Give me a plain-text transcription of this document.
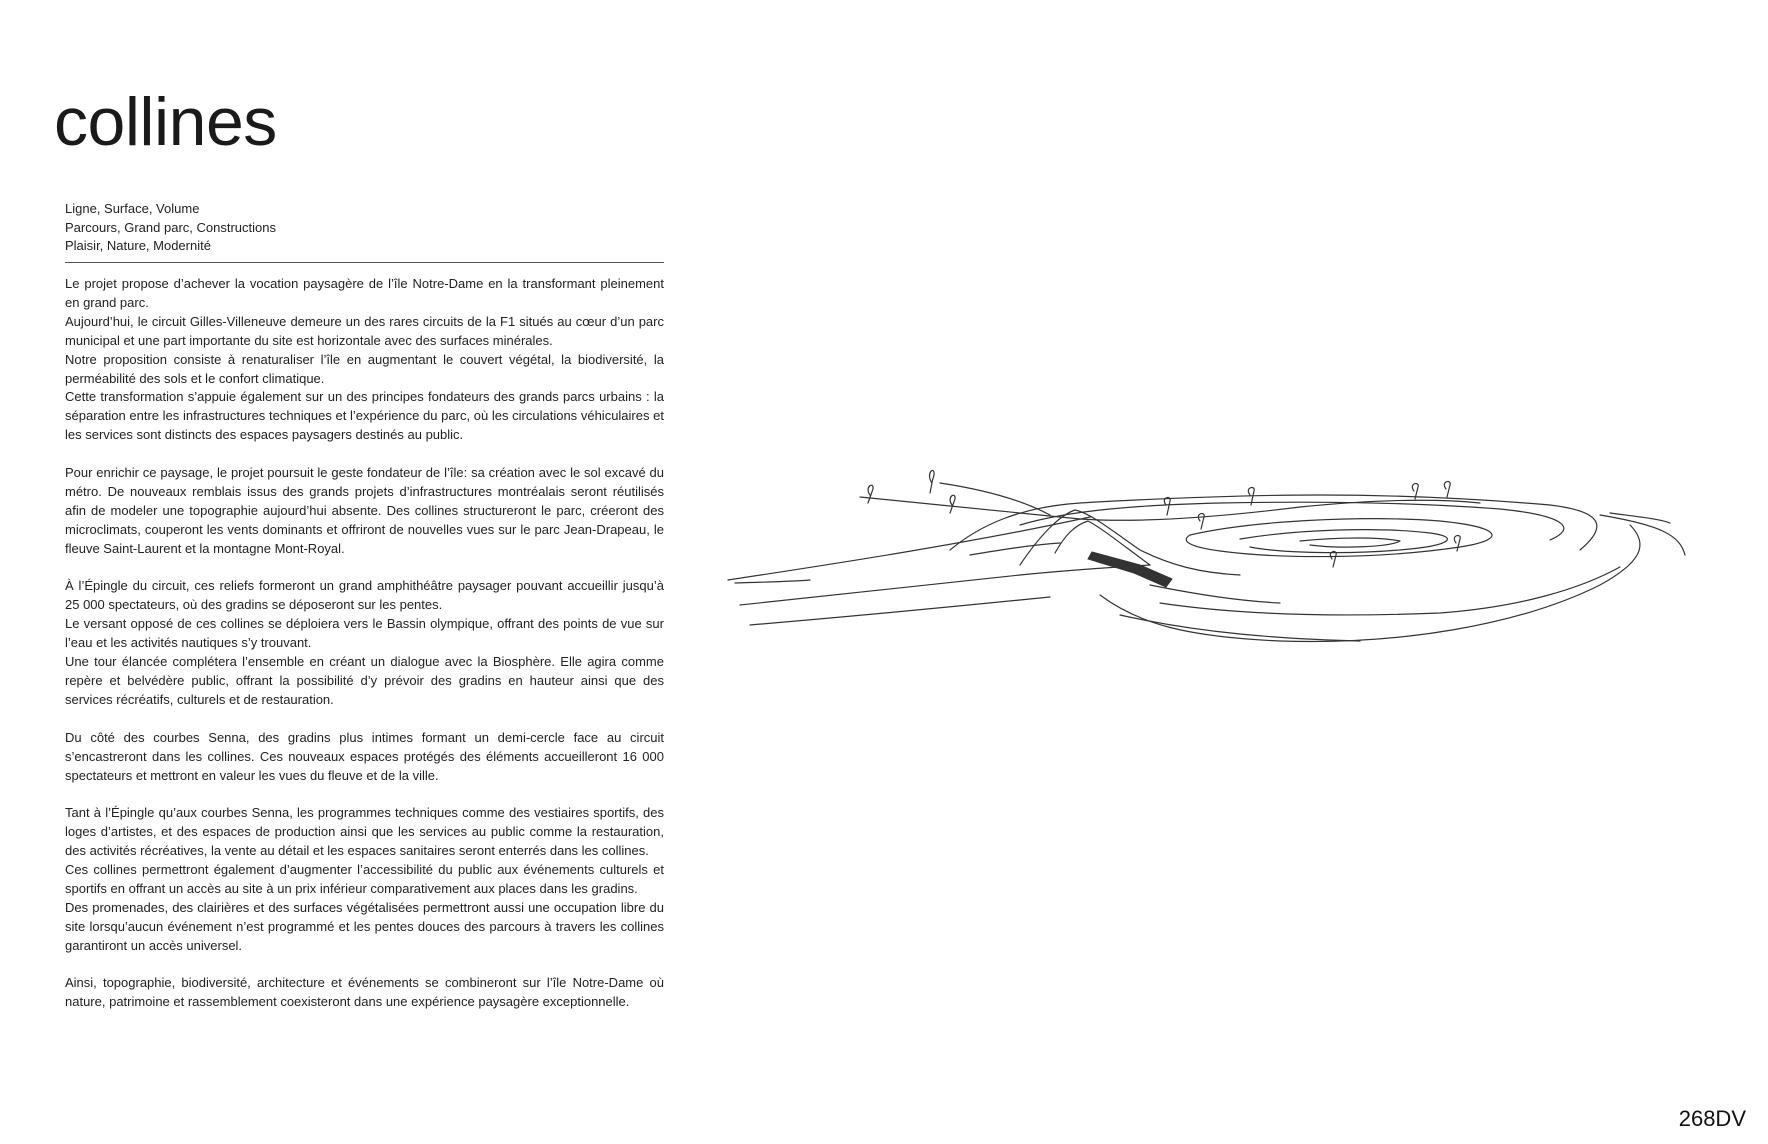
collines
Ligne, Surface, Volume
Parcours, Grand parc, Constructions
Plaisir, Nature, Modernité

Le projet propose d’achever la vocation paysagère de l’île Notre-Dame en la transformant pleinement en grand parc.
Aujourd’hui, le circuit Gilles-Villeneuve demeure un des rares circuits de la F1 situés au cœur d’un parc municipal et une part importante du site est horizontale avec des surfaces minérales.
Notre proposition consiste à renaturaliser l’île en augmentant le couvert végétal, la biodiversité, la perméabilité des sols et le confort climatique.
Cette transformation s’appuie également sur un des principes fondateurs des grands parcs urbains : la séparation entre les infrastructures techniques et l’expérience du parc, où les circulations véhiculaires et les services sont distincts des espaces paysagers destinés au public.

Pour enrichir ce paysage, le projet poursuit le geste fondateur de l’île: sa création avec le sol excavé du métro. De nouveaux remblais issus des grands projets d’infrastructures montréalais seront réutilisés afin de modeler une topographie aujourd’hui absente. Des collines structureront le parc, créeront des microclimats, couperont les vents dominants et offriront de nouvelles vues sur le parc Jean-Drapeau, le fleuve Saint-Laurent et la montagne Mont-Royal.

À l’Épingle du circuit, ces reliefs formeront un grand amphithéâtre paysager pouvant accueillir jusqu’à 25 000 spectateurs, où des gradins se déposeront sur les pentes.
Le versant opposé de ces collines se déploiera vers le Bassin olympique, offrant des points de vue sur l’eau et les activités nautiques s’y trouvant.
Une tour élancée complétera l’ensemble en créant un dialogue avec la Biosphère. Elle agira comme repère et belvédère public, offrant la possibilité d’y prévoir des gradins en hauteur ainsi que des services récréatifs, culturels et de restauration.

Du côté des courbes Senna, des gradins plus intimes formant un demi-cercle face au circuit s’encastreront dans les collines. Ces nouveaux espaces protégés des éléments accueilleront 16 000 spectateurs et mettront en valeur les vues du fleuve et de la ville.

Tant à l’Épingle qu’aux courbes Senna, les programmes techniques comme des vestiaires sportifs, des loges d’artistes, et des espaces de production ainsi que les services au public comme la restauration, des activités récréatives, la vente au détail et les espaces sanitaires seront enterrés dans les collines.
Ces collines permettront également d’augmenter l’accessibilité du public aux événements culturels et sportifs en offrant un accès au site à un prix inférieur comparativement aux places dans les gradins.
Des promenades, des clairières et des surfaces végétalisées permettront aussi une occupation libre du site lorsqu’aucun événement n’est programmé et les pentes douces des parcours à travers les collines garantiront un accès universel.

Ainsi, topographie, biodiversité, architecture et événements se combineront sur l’île Notre-Dame où nature, patrimoine et rassemblement coexisteront dans une expérience paysagère exceptionnelle.

268DV
